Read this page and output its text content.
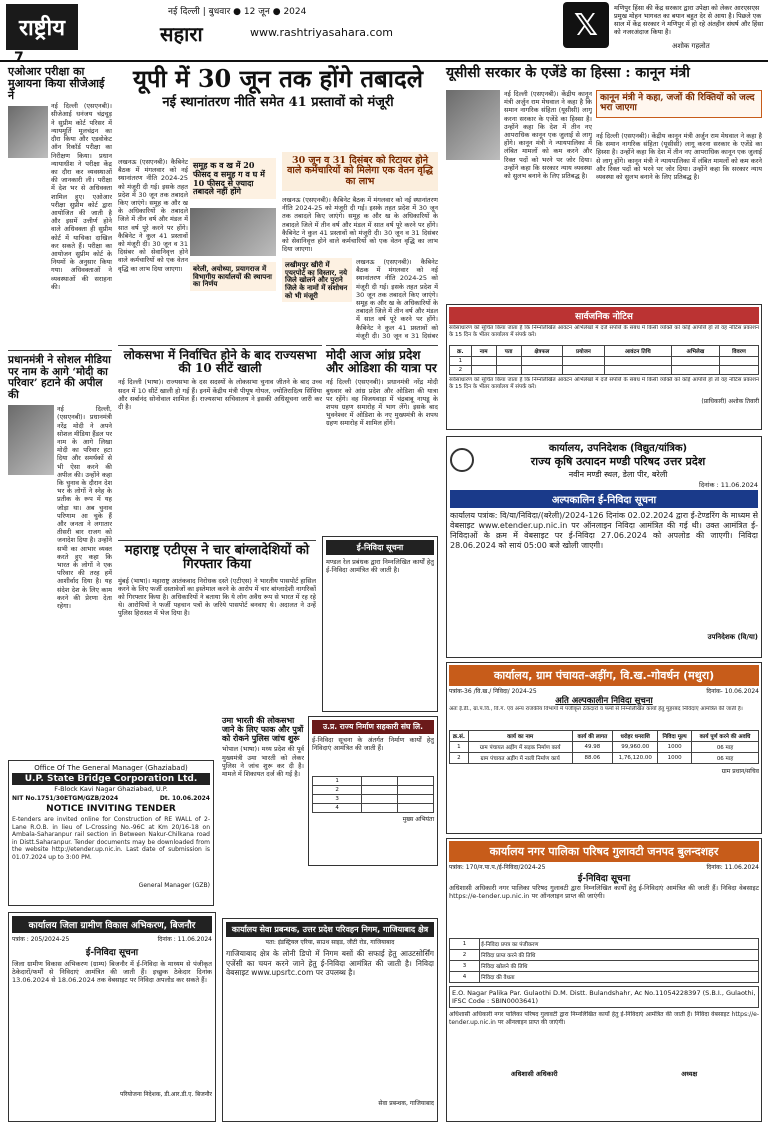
राष्ट्रीय
7
नई दिल्ली | बुधवार ● 12 जून ● 2024
सहारा	www.rashtriyasahara.com	𝕏	मणिपुर हिंसा की केंद्र सरकार द्वारा उपेक्षा को लेकर आरएसएस प्रमुख मोहन भागवत का बयान बहुत देर से आया है। पिछले एक साल में केंद्र सरकार ने मणिपुर में हो रहे अंतहीन संघर्ष और हिंसा को नजरअंदाज किया है।
अशोक गहलोत
एओआर परीक्षा का मुआयना किया सीजेआई ने
नई दिल्ली (एसएनबी)। सीजेआई धनंजय चंद्रचूड़ ने सुप्रीम कोर्ट परिसर में न्यायमूर्ति मूलचंद्रन का दौरा किया और एडवोकेट ऑन रिकॉर्ड परीक्षा का निरीक्षण किया। प्रधान न्यायाधीश ने परीक्षा केंद्र का दौरा कर व्यवस्थाओं की जानकारी ली। परीक्षा में देश भर से अधिवक्ता शामिल हुए। एओआर परीक्षा सुप्रीम कोर्ट द्वारा आयोजित की जाती है और इसमें उत्तीर्ण होने वाले अधिवक्ता ही सुप्रीम कोर्ट में याचिका दाखिल कर सकते हैं। परीक्षा का आयोजन सुप्रीम कोर्ट के नियमों के अनुसार किया गया। अधिवक्ताओं ने व्यवस्थाओं की सराहना की।
प्रधानमंत्री ने सोशल मीडिया पर नाम के आगे ‘मोदी का परिवार’ हटाने की अपील की
नई दिल्ली, (एसएनबी)। प्रधानमंत्री नरेंद्र मोदी ने अपने सोशल मीडिया हैंडल पर नाम के आगे लिखा मोदी का परिवार हटा दिया और समर्थकों से भी ऐसा करने की अपील की। उन्होंने कहा कि चुनाव के दौरान देश भर के लोगों ने स्नेह के प्रतीक के रूप में यह जोड़ा था। अब चुनाव परिणाम आ चुके हैं और जनता ने लगातार तीसरी बार राजग को जनादेश दिया है। उन्होंने सभी का आभार व्यक्त करते हुए कहा कि भारत के लोगों ने एक परिवार की तरह हमें आशीर्वाद दिया है। यह संदेश देश के लिए काम करने की प्रेरणा देता रहेगा।
यूपी में 30 जून तक होंगे तबादले
नई स्थानांतरण नीति समेत 41 प्रस्तावों को मंजूरी
लखनऊ (एसएनबी)। कैबिनेट बैठक में मंगलवार को नई स्थानांतरण नीति 2024-25 को मंजूरी दी गई। इसके तहत प्रदेश में 30 जून तक तबादले किए जाएंगे। समूह क और ख के अधिकारियों के तबादले जिले में तीन वर्ष और मंडल में सात वर्ष पूरे करने पर होंगे। कैबिनेट ने कुल 41 प्रस्तावों को मंजूरी दी। 30 जून व 31 दिसंबर को सेवानिवृत्त होने वाले कर्मचारियों को एक वेतन वृद्धि का लाभ दिया जाएगा।
समूह क व ख में 20 फीसद व समूह ग व घ में 10 फीसद से ज्यादा तबादले नहीं होंगे
बरेली, अयोध्या, प्रयागराज में विभागीय कार्यालयों की स्थापना का निर्णय
30 जून व 31 दिसंबर को रिटायर होने वाले कर्मचारियों को मिलेगा एक वेतन वृद्धि का लाभ
लखनऊ (एसएनबी)। कैबिनेट बैठक में मंगलवार को नई स्थानांतरण नीति 2024-25 को मंजूरी दी गई। इसके तहत प्रदेश में 30 जून तक तबादले किए जाएंगे। समूह क और ख के अधिकारियों के तबादले जिले में तीन वर्ष और मंडल में सात वर्ष पूरे करने पर होंगे। कैबिनेट ने कुल 41 प्रस्तावों को मंजूरी दी। 30 जून व 31 दिसंबर को सेवानिवृत्त होने वाले कर्मचारियों को एक वेतन वृद्धि का लाभ दिया जाएगा।
लखीमपुर खीरी में एयरपोर्ट का विस्तार, नये जिले खोलने और पुराने जिले के नामों में संशोधन को भी मंजूरी
लखनऊ (एसएनबी)। कैबिनेट बैठक में मंगलवार को नई स्थानांतरण नीति 2024-25 को मंजूरी दी गई। इसके तहत प्रदेश में 30 जून तक तबादले किए जाएंगे। समूह क और ख के अधिकारियों के तबादले जिले में तीन वर्ष और मंडल में सात वर्ष पूरे करने पर होंगे। कैबिनेट ने कुल 41 प्रस्तावों को मंजूरी दी। 30 जून व 31 दिसंबर
लोकसभा में निर्वाचित होने के बाद राज्यसभा की 10 सीटें खाली
नई दिल्ली (भाषा)। राज्यसभा के दस सदस्यों के लोकसभा चुनाव जीतने के बाद उच्च सदन में 10 सीटें खाली हो गई हैं। इनमें केंद्रीय मंत्री पीयूष गोयल, ज्योतिरादित्य सिंधिया और सर्बानंद सोनोवाल शामिल हैं। राज्यसभा सचिवालय ने इसकी अधिसूचना जारी कर दी है।
मोदी आज आंध्र प्रदेश और ओडिशा की यात्रा पर
नई दिल्ली (एसएनबी)। प्रधानमंत्री नरेंद्र मोदी बुधवार को आंध्र प्रदेश और ओडिशा की यात्रा पर रहेंगे। वह विजयवाड़ा में चंद्रबाबू नायडू के शपथ ग्रहण समारोह में भाग लेंगे। इसके बाद भुवनेश्वर में ओडिशा के नए मुख्यमंत्री के शपथ ग्रहण समारोह में शामिल होंगे।
महाराष्ट्र एटीएस ने चार बांग्लादेशियों को गिरफ्तार किया
मुंबई (भाषा)। महाराष्ट्र आतंकवाद निरोधक दस्ते (एटीएस) ने भारतीय पासपोर्ट हासिल करने के लिए फर्जी दस्तावेजों का इस्तेमाल करने के आरोप में चार बांग्लादेशी नागरिकों को गिरफ्तार किया है। अधिकारियों ने बताया कि ये लोग अवैध रूप से भारत में रह रहे थे। आरोपियों ने फर्जी पहचान पत्रों के जरिये पासपोर्ट बनवाए थे। अदालत ने उन्हें पुलिस हिरासत में भेज दिया है।
ई-निविदा सूचना
मण्डल रेल प्रबंधक द्वारा निम्नलिखित कार्यों हेतु ई-निविदा आमंत्रित की जाती है।
उमा भारती की लोकसभा जाने के लिए फाक और पुत्रों को रोकने पुलिस जांच शुरू
भोपाल (भाषा)। मध्य प्रदेश की पूर्व मुख्यमंत्री उमा भारती को लेकर पुलिस ने जांच शुरू कर दी है। मामले में शिकायत दर्ज की गई है।
Office Of The General Manager (Ghaziabad)
U.P. State Bridge Corporation Ltd.
F-Block Kavi Nagar Ghaziabad, U.P.
NIT No.1751/30ETGM/GZB/2024	Dt. 10.06.2024
NOTICE INVITING TENDER
E-tenders are invited online for Construction of RE WALL of 2-Lane R.O.B. in lieu of L-Crossing No.-96C at Km 20/16-18 on Ambala-Saharanpur rail section in Between Nakur-Chilkana road in Distt.Saharanpur. Tender documents may be downloaded from the website http://etender.up.nic.in. Last date of submission is 01.07.2024 up to 3:00 PM.
General Manager (GZB)
कार्यालय जिला ग्रामीण विकास अभिकरण, बिजनौर
पत्रांक : 205/2024-25	दिनांक : 11.06.2024
ई-निविदा सूचना
जिला ग्रामीण विकास अभिकरण (ग्राम्य) बिजनौर में ई-निविदा के माध्यम से पंजीकृत ठेकेदारों/फर्मों से निविदाएं आमंत्रित की जाती हैं। इच्छुक ठेकेदार दिनांक 13.06.2024 से 18.06.2024 तक वेबसाइट पर निविदा अपलोड कर सकते हैं।
परियोजना निदेशक, डी.आर.डी.ए. बिजनौर
उ.प्र. राज्य निर्माण सहकारी संघ लि.
ई-निविदा सूचना के अंतर्गत निर्माण कार्यों हेतु निविदाएं आमंत्रित की जाती हैं।
1		
2		
3		
4		
मुख्य अभियंता
कार्यालय सेवा प्रबन्धक, उत्तर प्रदेश परिवहन निगम, गाजियाबाद क्षेत्र
पता: इंडस्ट्रियल एरिया, साउथ साइड, जीटी रोड, गाजियाबाद
गाजियाबाद क्षेत्र के लोनी डिपो में निगम बसों की सफाई हेतु आउटसोर्सिंग एजेंसी का चयन करने जाने हेतु ई-निविदा आमंत्रित की जाती है। निविदा वेबसाइट www.upsrtc.com पर उपलब्ध है।
सेवा प्रबन्धक, गाजियाबाद
यूसीसी सरकार के एजेंडे का हिस्सा : कानून मंत्री
नई दिल्ली (एसएनबी)। केंद्रीय कानून मंत्री अर्जुन राम मेघवाल ने कहा है कि समान नागरिक संहिता (यूसीसी) लागू करना सरकार के एजेंडे का हिस्सा है। उन्होंने कहा कि देश में तीन नए आपराधिक कानून एक जुलाई से लागू होंगे। कानून मंत्री ने न्यायपालिका में लंबित मामलों को कम करने और रिक्त पदों को भरने पर जोर दिया। उन्होंने कहा कि सरकार न्याय व्यवस्था को सुलभ बनाने के लिए प्रतिबद्ध है।
कानून मंत्री ने कहा, जजों की रिक्तियों को जल्द भरा जाएगा
नई दिल्ली (एसएनबी)। केंद्रीय कानून मंत्री अर्जुन राम मेघवाल ने कहा है कि समान नागरिक संहिता (यूसीसी) लागू करना सरकार के एजेंडे का हिस्सा है। उन्होंने कहा कि देश में तीन नए आपराधिक कानून एक जुलाई से लागू होंगे। कानून मंत्री ने न्यायपालिका में लंबित मामलों को कम करने और रिक्त पदों को भरने पर जोर दिया। उन्होंने कहा कि सरकार न्याय व्यवस्था को सुलभ बनाने के लिए प्रतिबद्ध है।
सार्वजनिक नोटिस
सर्वसाधारण को सूचित किया जाता है कि निम्नलिखित आवंटन अभिलेखों में दर्ज संपत्ति के संबंध में किसी व्यक्ति को कोई आपत्ति हो तो वह नोटिस प्रकाशन के 15 दिन के भीतर कार्यालय में संपर्क करे।
क्र.	नाम	पता	क्षेत्रफल	प्रयोजन	आवंटन तिथि	अभिलेख	विवरण
1							
2							
सर्वसाधारण को सूचित किया जाता है कि निम्नलिखित आवंटन अभिलेखों में दर्ज संपत्ति के संबंध में किसी व्यक्ति को कोई आपत्ति हो तो वह नोटिस प्रकाशन के 15 दिन के भीतर कार्यालय में संपर्क करे।
(प्राधिकारी) अशोक तिवारी
कार्यालय, उपनिदेशक (विद्युत/यांत्रिक)
राज्य कृषि उत्पादन मण्डी परिषद उत्तर प्रदेश
नवीन मण्डी स्थल, डेला पीर, बरेली
दिनांक : 11.06.2024
अल्पकालिन ई-निविदा सूचना
कार्यालय पत्रांक: वि/या/निविदा/(बरेली)/2024-126 दिनांक 02.02.2024 द्वारा ई-टेण्डरिंग के माध्यम से वेबसाइट www.etender.up.nic.in पर ऑनलाइन निविदा आमंत्रित की गई थी। उक्त आमंत्रित ई-निविदाओं के क्रम में वेबसाइट पर ई-निविदा 27.06.2024 को अपलोड की जाएगी। निविदा 28.06.2024 को सायं 05:00 बजे खोली जाएगी।
उपनिदेशक (वि/या)
कार्यालय, ग्राम पंचायत-अड़ींग, वि.ख.-गोवर्धन (मथुरा)
पत्रांक-36 /वि.ख./ निविदा/ 2024-25	दिनांक- 10.06.2024
अति अल्पकालीन निविदा सूचना
अतः ई.डी., ग्रा.पं.वि., वि.ग. एवं अन्य राजकीय विभागों में पंजीकृत ठेकेदारों व फर्मों से निम्नलिखित कार्यों हेतु मुहरबंद निविदाएं आमंत्रित की जाती हैं।
क्र.सं.	कार्य का नाम	कार्य की लागत	धरोहर धनराशि	निविदा मूल्य	कार्य पूर्ण करने की अवधि
1	ग्राम पंचायत अड़ींग में सड़क निर्माण कार्य	49.98	99,960.00	1000	06 माह
2	ग्राम पंचायत अड़ींग में नाली निर्माण कार्य	88.06	1,76,120.00	1000	06 माह
ग्राम प्रधान/सचिव
कार्यालय नगर पालिका परिषद गुलावटी जनपद बुलन्दशहर
पत्रांक: 170/न.पा.प./ई-निविदा/2024-25	दिनांक: 11.06.2024
ई-निविदा सूचना
अधिशासी अधिकारी नगर पालिका परिषद गुलावटी द्वारा निम्नलिखित कार्यों हेतु ई-निविदाएं आमंत्रित की जाती हैं। निविदा वेबसाइट https://e-tender.up.nic.in पर ऑनलाइन प्राप्त की जाएंगी।
1	ई-निविदा प्रपत्र का पंजीकरण
2	निविदा प्राप्त करने की तिथि
3	निविदा खोलने की तिथि
4	निविदा की वैधता
E.O. Nagar Palika Par. Gulaothi D.M. Distt. Bulandshahr, Ac No.11054228397 (S.B.I., Gulaothi, IFSC Code : SBIN0003641)
अधिशासी अधिकारी नगर पालिका परिषद गुलावटी द्वारा निम्नलिखित कार्यों हेतु ई-निविदाएं आमंत्रित की जाती हैं। निविदा वेबसाइट https://e-tender.up.nic.in पर ऑनलाइन प्राप्त की जाएंगी।
अधिशासी अधिकारी	अध्यक्ष
